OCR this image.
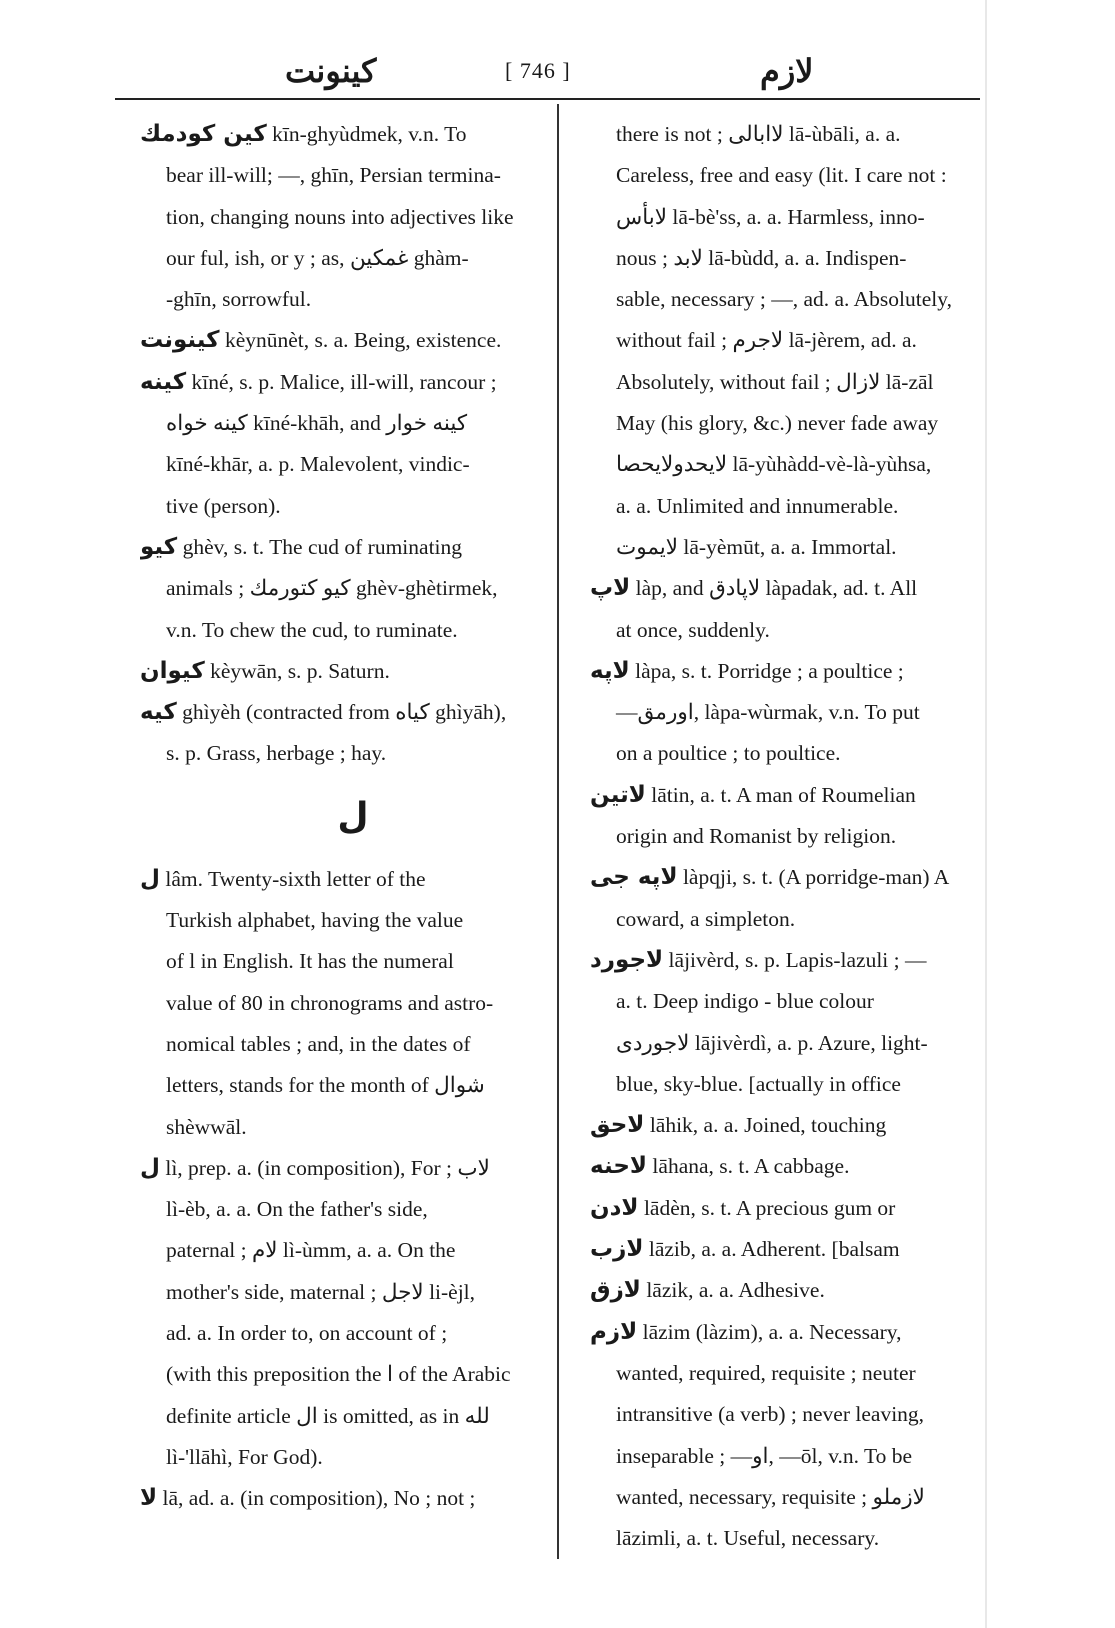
كينونت	[ 746 ]	لازم
كين كودمك kīn-ghyùdmek, v.n. To
bear ill-will; —, ghīn, Persian termina-
tion, changing nouns into adjectives like
our ful, ish, or y ; as, غمكين ghàm-
-ghīn, sorrowful.
كينونت kèynūnèt, s. a. Being, existence.
كينه kīné, s. p. Malice, ill-will, rancour ;
كينه خواه kīné-khāh, and كينه خوار
kīné-khār, a. p. Malevolent, vindic-
tive (person).
كيو ghèv, s. t. The cud of ruminating
animals ; كيو كتورمك ghèv-ghètirmek,
v.n. To chew the cud, to ruminate.
كيوان kèywān, s. p. Saturn.
كيه ghìyèh (contracted from كياه ghìyāh),
s. p. Grass, herbage ; hay.
ل
ل lâm. Twenty-sixth letter of the
Turkish alphabet, having the value
of l in English. It has the numeral
value of 80 in chronograms and astro-
nomical tables ; and, in the dates of
letters, stands for the month of شوال
shèwwāl.
ل lì, prep. a. (in composition), For ; لاب
lì-èb, a. a. On the father's side,
paternal ; لام lì-ùmm, a. a. On the
mother's side, maternal ; لاجل li-èjl,
ad. a. In order to, on account of ;
(with this preposition the ا of the Arabic
definite article ال is omitted, as in لله
lì-'llāhì, For God).
لا lā, ad. a. (in composition), No ; not ;
there is not ; لاابالی lā-ùbāli, a. a.
Careless, free and easy (lit. I care not :
لابأس lā-bè'ss, a. a. Harmless, inno-
nous ; لابد lā-bùdd, a. a. Indispen-
sable, necessary ; —, ad. a. Absolutely,
without fail ; لاجرم lā-jèrem, ad. a.
Absolutely, without fail ; لازال lā-zāl
May (his glory, &c.) never fade away
لايحدولايحصا lā-yùhàdd-vè-là-yùhsa,
a. a. Unlimited and innumerable.
لايموت lā-yèmūt, a. a. Immortal.
لاپ làp, and لاپادق làpadak, ad. t. All
at once, suddenly.
لاپه làpa, s. t. Porridge ; a poultice ;
—اورمق, làpa-wùrmak, v.n. To put
on a poultice ; to poultice.
لاتين lātin, a. t. A man of Roumelian
origin and Romanist by religion.
لاپه جی làpqji, s. t. (A porridge-man) A
coward, a simpleton.
لاجورد lājivèrd, s. p. Lapis-lazuli ; —
a. t. Deep indigo - blue colour
لاجوردی lājivèrdì, a. p. Azure, light-
blue, sky-blue. [actually in office
لاحق lāhik, a. a. Joined, touching
لاحنه lāhana, s. t. A cabbage.
لادن lādèn, s. t. A precious gum or
لازب lāzib, a. a. Adherent. [balsam
لازق lāzik, a. a. Adhesive.
لازم lāzim (làzim), a. a. Necessary,
wanted, required, requisite ; neuter
intransitive (a verb) ; never leaving,
inseparable ; —او, —ōl, v.n. To be
wanted, necessary, requisite ; لازملو
lāzimli, a. t. Useful, necessary.
